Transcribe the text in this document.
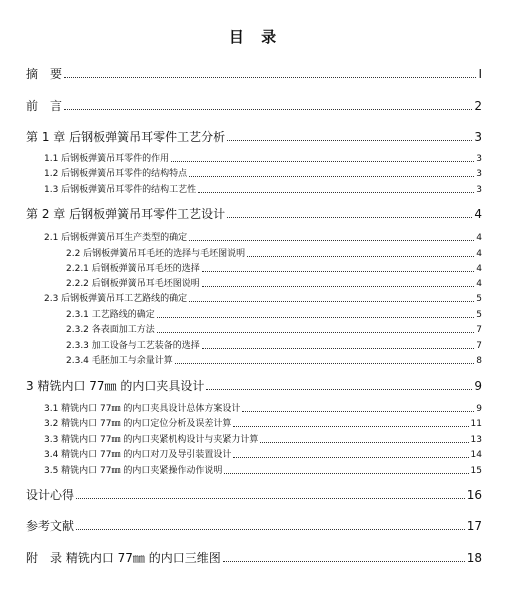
目 录
摘　要	I
前　言	2
第 1 章 后钢板弹簧吊耳零件工艺分析	3
1.1 后钢板弹簧吊耳零件的作用	3
1.2 后钢板弹簧吊耳零件的结构特点	3
1.3 后钢板弹簧吊耳零件的结构工艺性	3
第 2 章 后钢板弹簧吊耳零件工艺设计	4
2.1 后钢板弹簧吊耳生产类型的确定	4
2.2 后钢板弹簧吊耳毛坯的选择与毛坯图说明	4
2.2.1 后钢板弹簧吊耳毛坯的选择	4
2.2.2 后钢板弹簧吊耳毛坯图说明	4
2.3 后钢板弹簧吊耳工艺路线的确定	5
2.3.1 工艺路线的确定	5
2.3.2 各表面加工方法	7
2.3.3 加工设备与工艺装备的选择	7
2.3.4 毛胚加工与余量计算	8
3 精铣内口 77㎜ 的内口夹具设计	9
3.1 精铣内口 77㎜ 的内口夹具设计总体方案设计	9
3.2 精铣内口 77㎜ 的内口定位分析及误差计算	11
3.3 精铣内口 77㎜ 的内口夹紧机构设计与夹紧力计算	13
3.4 精铣内口 77㎜ 的内口对刀及导引装置设计	14
3.5 精铣内口 77㎜ 的内口夹紧操作动作说明	15
设计心得	16
参考文献	17
附　录 精铣内口 77㎜ 的内口三维图	18
